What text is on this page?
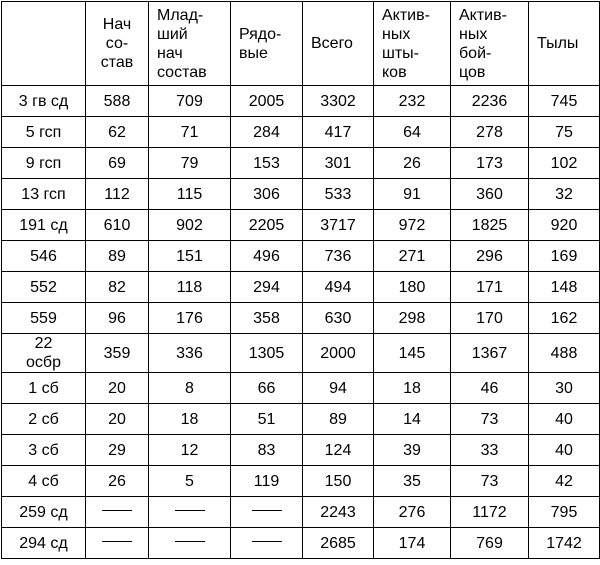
	Нач
со-
став	Млад-
ший
нач
состав	Рядо-
вые	Всего	Актив-
ных
шты-
ков	Актив-
ных
бой-
цов	Тылы
3 гв сд	588	709	2005	3302	232	2236	745
5 гсп	62	71	284	417	64	278	75
9 гсп	69	79	153	301	26	173	102
13 гсп	112	115	306	533	91	360	32
191 сд	610	902	2205	3717	972	1825	920
546	89	151	496	736	271	296	169
552	82	118	294	494	180	171	148
559	96	176	358	630	298	170	162
22
осбр	359	336	1305	2000	145	1367	488
1 сб	20	8	66	94	18	46	30
2 сб	20	18	51	89	14	73	40
3 сб	29	12	83	124	39	33	40
4 сб	26	5	119	150	35	73	42
259 сд				2243	276	1172	795
294 сд				2685	174	769	1742
